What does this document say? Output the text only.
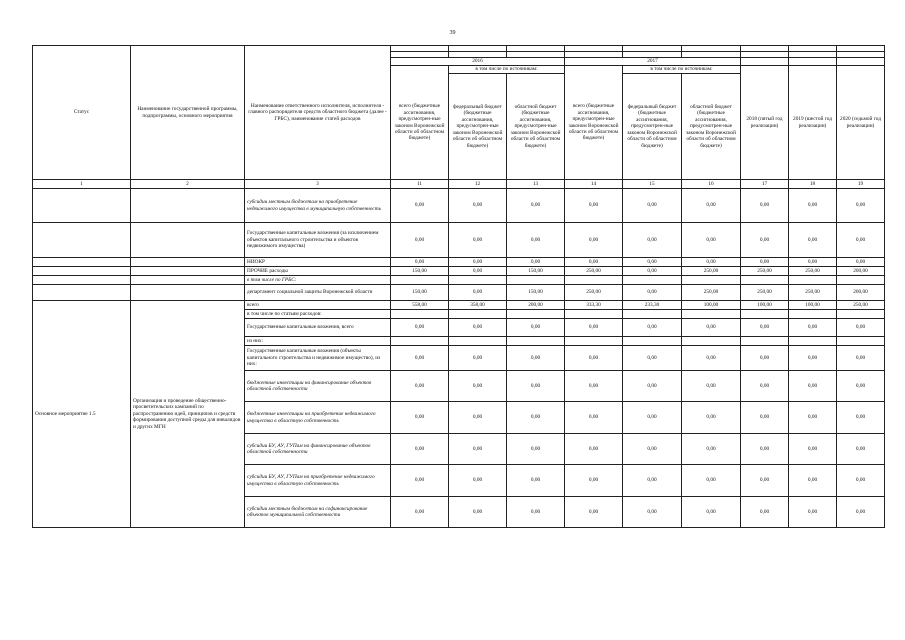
39
Статус	Наименование государственной программы, подпрограммы, основного мероприятия	Наименование ответственного исполнителя, исполнителя - главного распорядителя средств областного бюджета (далее - ГРБС), наименование статей расходов									

			2016			2017					
			всего (бюджетные ассигнования, предусмотрен-ные законом Воронежской области об областном бюджете)	в том числе по источникам:		всего (бюджетные ассигнования, предусмотрен-ные законом Воронежской области об областном бюджете)	в том числе по источникам:		2018 (пятый год реализации)	2019 (шестой год реализации)	2020 (седьмой год реализации)
				федеральный бюджет (бюджетные ассигнования, предусмотрен-ные законом Воронежской области об областном бюджете)	областной бюджет (бюджетные ассигнования, предусмотрен-ные законом Воронежской области об областном бюджете)		федеральный бюджет (бюджетные ассигнования, предусмотрен-ные законом Воронежской области об областном бюджете)	областной бюджет (бюджетные ассигнования, предусмотрен-ные законом Воронежской области об областном бюджете)			
1	2	3	11	12	13	14	15	16	17	18	19
		субсидии местным бюджетам на приобретение недвижимого имущества в муниципальную собственность	0,00	0,00	0,00	0,00	0,00	0,00	0,00	0,00	0,00
		Государственные капитальные вложения (за исключением объектов капитального строительства и объектов недвижимого имущества)	0,00	0,00	0,00	0,00	0,00	0,00	0,00	0,00	0,00
		НИОКР	0,00	0,00	0,00	0,00	0,00	0,00	0,00	0,00	0,00
		ПРОЧИЕ расходы	150,00	0,00	150,00	250,00	0,00	250,00	250,00	250,00	200,00
		в том числе по ГРБС:									
		департамент социальной защиты Воронежской области	150,00	0,00	150,00	250,00	0,00	250,00	250,00	250,00	200,00
Основное мероприятие 1.5	Организация и проведение общественно-просветительских кампаний по распространению идей, принципов и средств формирования доступной среды для инвалидов и других МГН	всего	558,00	358,00	200,00	333,30	233,30	100,00	100,00	100,00	250,00
		в том числе по статьям расходов:									
		Государственные капитальные вложения, всего	0,00	0,00	0,00	0,00	0,00	0,00	0,00	0,00	0,00
		из них:									
		Государственные капитальные вложения (объекты капитального строительства и недвижимое имущество), из них:	0,00	0,00	0,00	0,00	0,00	0,00	0,00	0,00	0,00
		бюджетные инвестиции на финансирование объектов областной собственности	0,00	0,00	0,00	0,00	0,00	0,00	0,00	0,00	0,00
		бюджетные инвестиции на приобретение недвижимого имущества в областную собственность	0,00	0,00	0,00	0,00	0,00	0,00	0,00	0,00	0,00
		субсидии БУ, АУ, ГУПам на финансирование объектов областной собственности	0,00	0,00	0,00	0,00	0,00	0,00	0,00	0,00	0,00
		субсидии БУ, АУ, ГУПам на приобретение недвижимого имущества в областную собственность	0,00	0,00	0,00	0,00	0,00	0,00	0,00	0,00	0,00
		субсидии местным бюджетам на софинансирование объектов муниципальной собственности	0,00	0,00	0,00	0,00	0,00	0,00	0,00	0,00	0,00
